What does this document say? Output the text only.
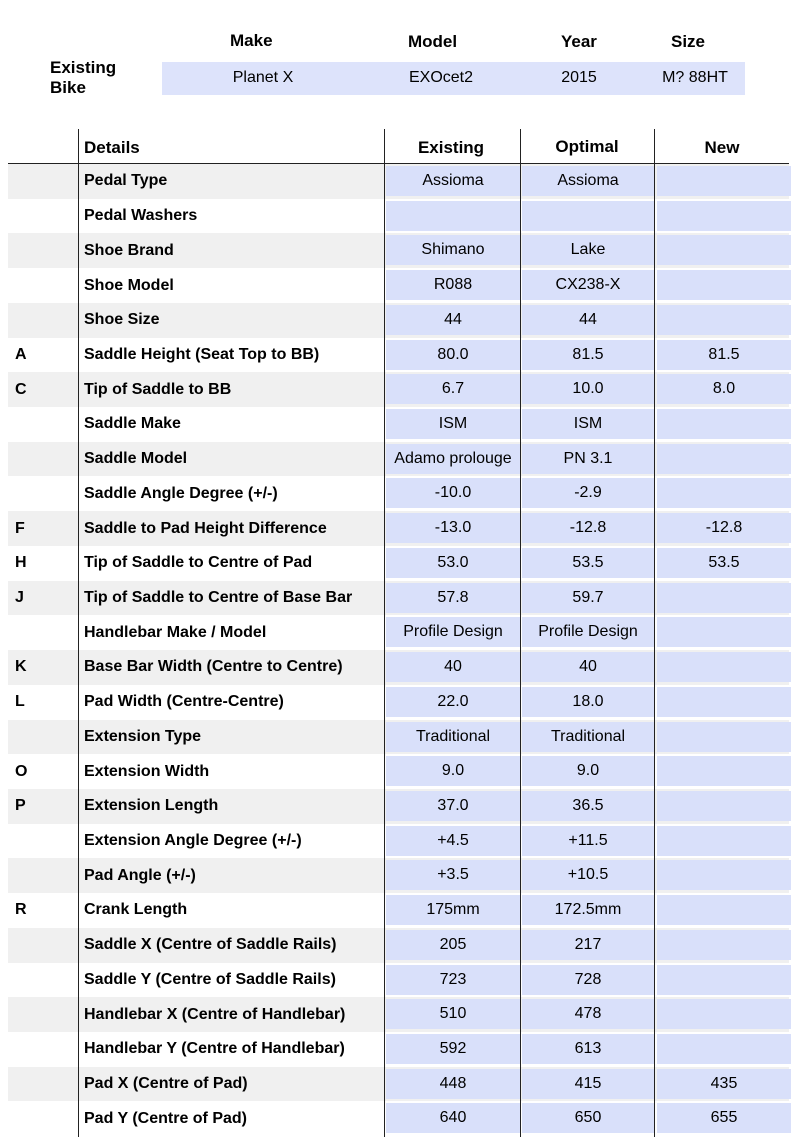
Make	Model	Year	Size
Existing Bike
Planet X	EXOcet2	2015	M? 88HT
Details	Existing	Optimal	New
Pedal Type	Assioma	Assioma
Pedal Washers
Shoe Brand	Shimano	Lake
Shoe Model	R088	CX238-X
Shoe Size	44	44
A	Saddle Height (Seat Top to BB)	80.0	81.5	81.5
C	Tip of Saddle to BB	6.7	10.0	8.0
Saddle Make	ISM	ISM
Saddle Model	Adamo prolouge	PN 3.1
Saddle Angle Degree (+/-)	-10.0	-2.9
F	Saddle to Pad Height Difference	-13.0	-12.8	-12.8
H	Tip of Saddle to Centre of Pad	53.0	53.5	53.5
J	Tip of Saddle to Centre of Base Bar	57.8	59.7
Handlebar Make / Model	Profile Design	Profile Design
K	Base Bar Width (Centre to Centre)	40	40
L	Pad Width (Centre-Centre)	22.0	18.0
Extension Type	Traditional	Traditional
O	Extension Width	9.0	9.0
P	Extension Length	37.0	36.5
Extension Angle Degree (+/-)	+4.5	+11.5
Pad Angle (+/-)	+3.5	+10.5
R	Crank Length	175mm	172.5mm
Saddle X (Centre of Saddle Rails)	205	217
Saddle Y (Centre of Saddle Rails)	723	728
Handlebar X (Centre of Handlebar)	510	478
Handlebar Y (Centre of Handlebar)	592	613
Pad X (Centre of Pad)	448	415	435
Pad Y (Centre of Pad)	640	650	655
